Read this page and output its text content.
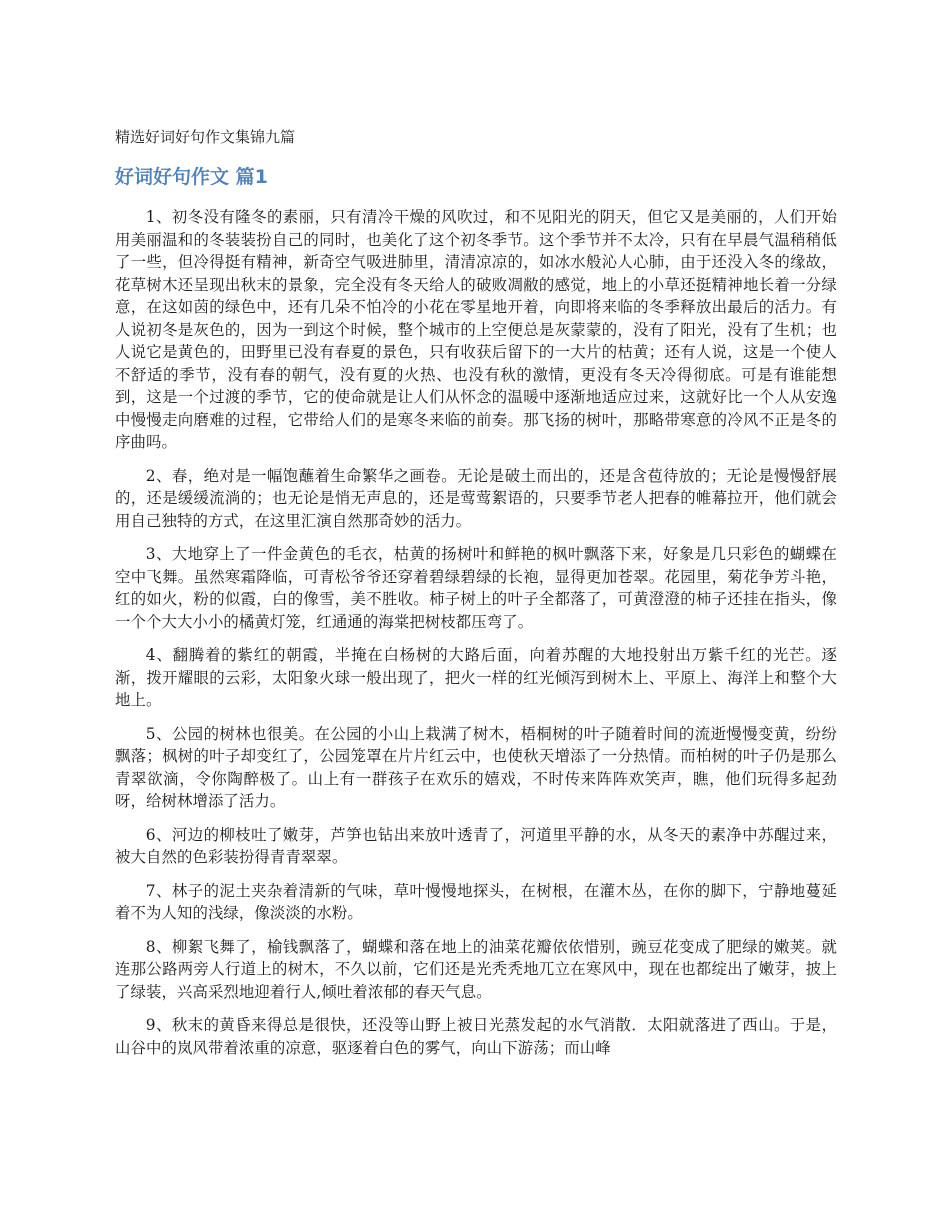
精选好词好句作文集锦九篇
好词好句作文 篇1

1、初冬没有隆冬的素丽，只有清冷干燥的风吹过，和不见阳光的阴天，但它又是美丽的，人们开始用美丽温和的冬装装扮自己的同时，也美化了这个初冬季节。这个季节并不太冷，只有在早晨气温稍稍低了一些，但冷得挺有精神，新奇空气吸进肺里，清清凉凉的，如冰水般沁人心肺，由于还没入冬的缘故，花草树木还呈现出秋末的景象，完全没有冬天给人的破败凋敝的感觉，地上的小草还挺精神地长着一分绿意，在这如茵的绿色中，还有几朵不怕冷的小花在零星地开着，向即将来临的冬季释放出最后的活力。有人说初冬是灰色的，因为一到这个时候，整个城市的上空便总是灰蒙蒙的，没有了阳光，没有了生机；也人说它是黄色的，田野里已没有春夏的景色，只有收获后留下的一大片的枯黄；还有人说，这是一个使人不舒适的季节，没有春的朝气，没有夏的火热、也没有秋的激情，更没有冬天冷得彻底。可是有谁能想到，这是一个过渡的季节，它的使命就是让人们从怀念的温暖中逐渐地适应过来，这就好比一个人从安逸中慢慢走向磨难的过程，它带给人们的是寒冬来临的前奏。那飞扬的树叶，那略带寒意的冷风不正是冬的序曲吗。

2、春，绝对是一幅饱蘸着生命繁华之画卷。无论是破土而出的，还是含苞待放的；无论是慢慢舒展的，还是缓缓流淌的；也无论是悄无声息的，还是莺莺絮语的，只要季节老人把春的帷幕拉开，他们就会用自己独特的方式，在这里汇演自然那奇妙的活力。

3、大地穿上了一件金黄色的毛衣，枯黄的扬树叶和鲜艳的枫叶飘落下来，好象是几只彩色的蝴蝶在空中飞舞。虽然寒霜降临，可青松爷爷还穿着碧绿碧绿的长袍，显得更加苍翠。花园里，菊花争芳斗艳，红的如火，粉的似霞，白的像雪，美不胜收。柿子树上的叶子全都落了，可黄澄澄的柿子还挂在指头，像一个个大大小小的橘黄灯笼，红通通的海棠把树枝都压弯了。

4、翻腾着的紫红的朝霞，半掩在白杨树的大路后面，向着苏醒的大地投射出万紫千红的光芒。逐渐，拨开耀眼的云彩，太阳象火球一般出现了，把火一样的红光倾泻到树木上、平原上、海洋上和整个大地上。

5、公园的树林也很美。在公园的小山上栽满了树木，梧桐树的叶子随着时间的流逝慢慢变黄，纷纷飘落；枫树的叶子却变红了，公园笼罩在片片红云中，也使秋天增添了一分热情。而柏树的叶子仍是那么青翠欲滴，令你陶醉极了。山上有一群孩子在欢乐的嬉戏，不时传来阵阵欢笑声，瞧，他们玩得多起劲呀，给树林增添了活力。

6、河边的柳枝吐了嫩芽，芦笋也钻出来放叶透青了，河道里平静的水，从冬天的素净中苏醒过来，被大自然的色彩装扮得青青翠翠。

7、林子的泥土夹杂着清新的气味，草叶慢慢地探头，在树根，在灌木丛，在你的脚下，宁静地蔓延着不为人知的浅绿，像淡淡的水粉。

8、柳絮飞舞了，榆钱飘落了，蝴蝶和落在地上的油菜花瓣依依惜别，豌豆花变成了肥绿的嫩荚。就连那公路两旁人行道上的树木，不久以前，它们还是光秃秃地兀立在寒风中，现在也都绽出了嫩芽，披上了绿装，兴高采烈地迎着行人,倾吐着浓郁的春天气息。

9、秋末的黄昏来得总是很快，还没等山野上被日光蒸发起的水气消散．太阳就落进了西山。于是，山谷中的岚风带着浓重的凉意，驱逐着白色的雾气，向山下游荡；而山峰
